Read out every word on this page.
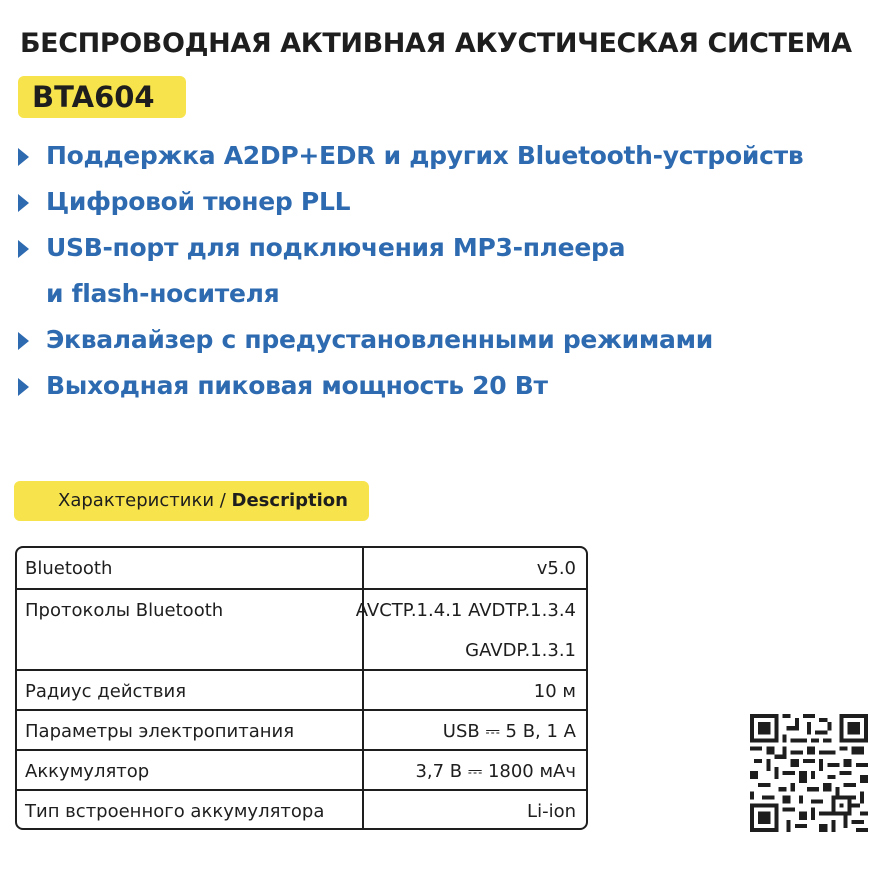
БЕСПРОВОДНАЯ АКТИВНАЯ АКУСТИЧЕСКАЯ СИСТЕМА
BTA604
Поддержка A2DP+EDR и других Bluetooth-устройств
Цифровой тюнер PLL
USB-порт для подключения MP3-плеера
и flash-носителя
Эквалайзер с предустановленными режимами
Выходная пиковая мощность 20 Вт
Характеристики / Description
Bluetooth	v5.0
Протоколы Bluetooth	AVCTP.1.4.1 AVDTP.1.3.4
GAVDP.1.3.1
Радиус действия	10 м
Параметры электропитания	USB ⎓ 5 В, 1 А
Аккумулятор	3,7 В ⎓ 1800 мАч
Тип встроенного аккумулятора	Li-ion
